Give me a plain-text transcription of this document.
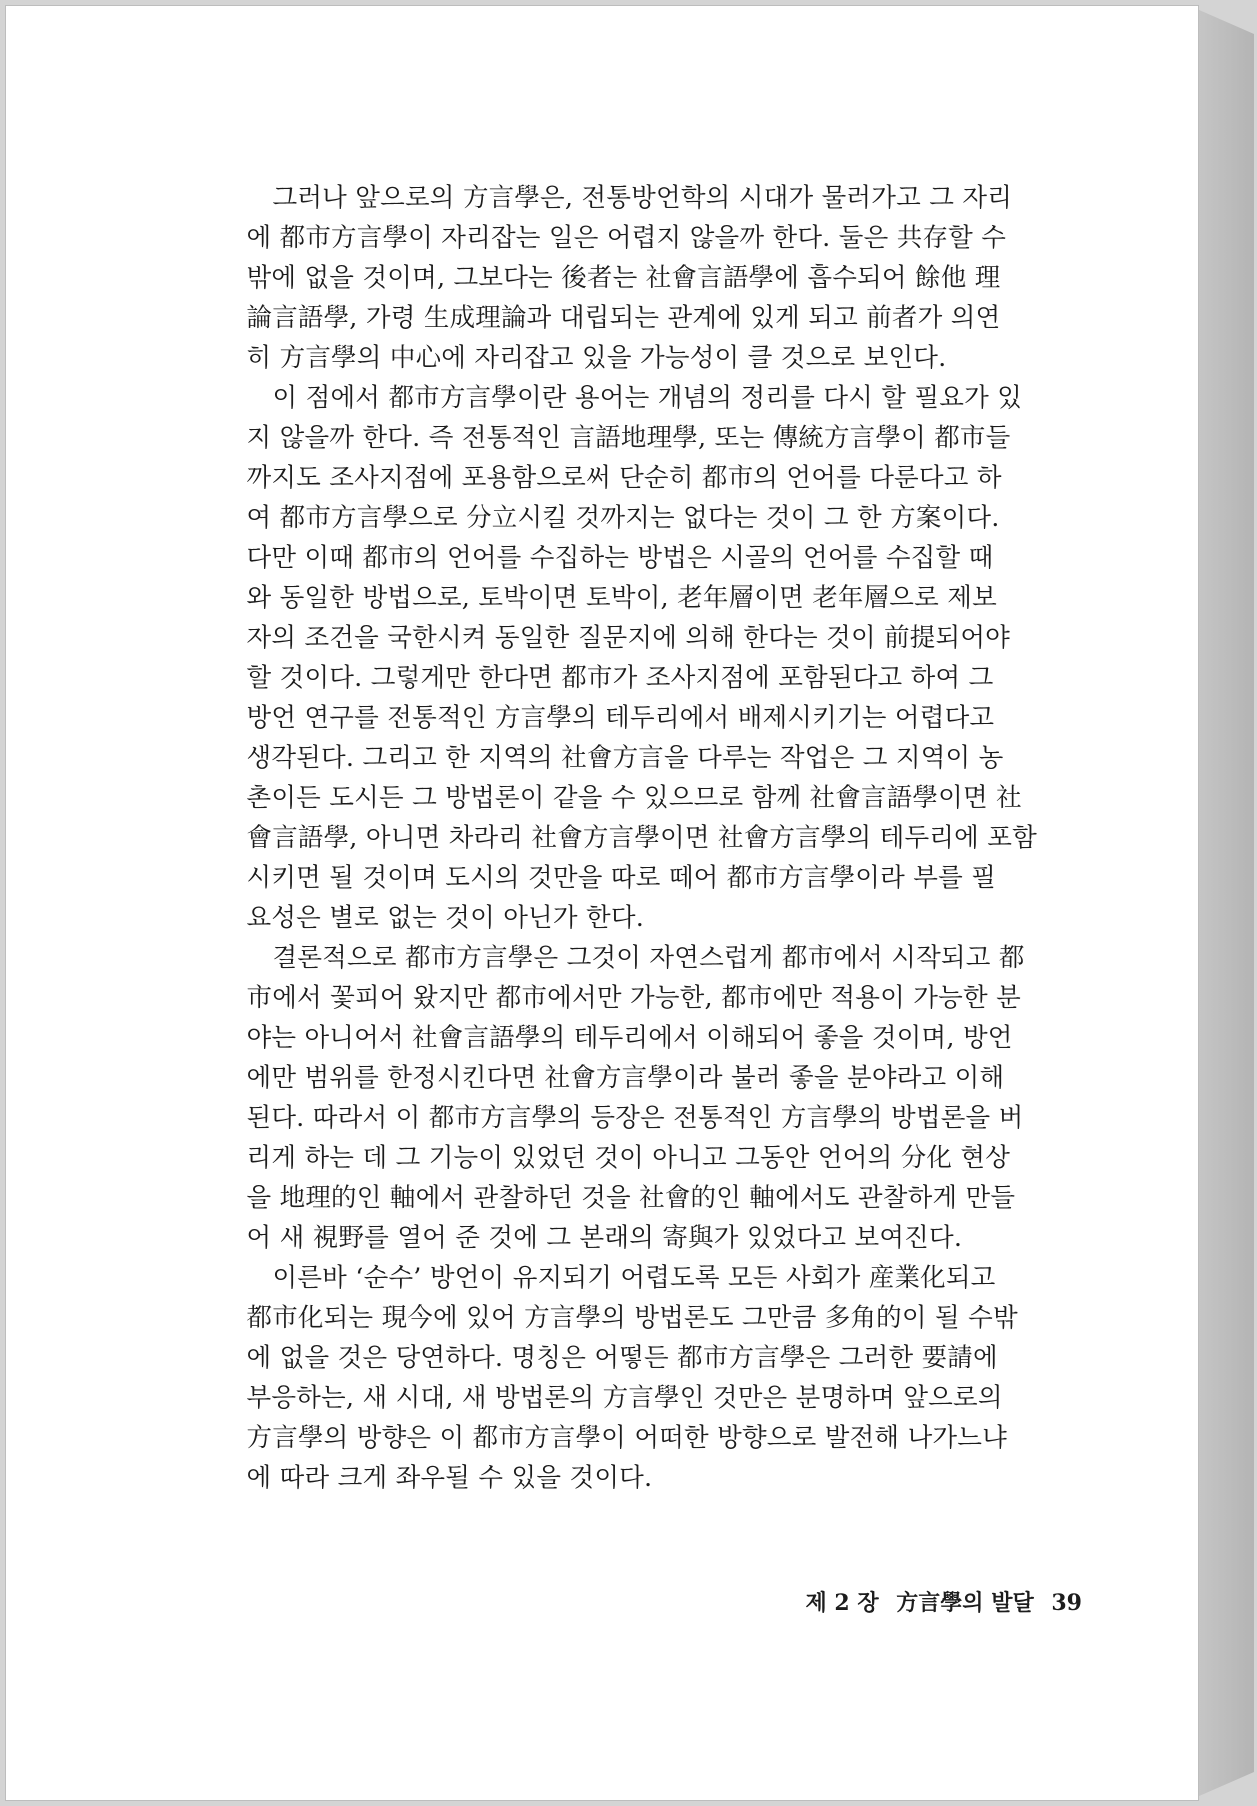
그러나 앞으로의 方言學은, 전통방언학의 시대가 물러가고 그 자리
에 都市方言學이 자리잡는 일은 어렵지 않을까 한다. 둘은 共存할 수
밖에 없을 것이며, 그보다는 後者는 社會言語學에 흡수되어 餘他 理
論言語學, 가령 生成理論과 대립되는 관계에 있게 되고 前者가 의연
히 方言學의 中心에 자리잡고 있을 가능성이 클 것으로 보인다.
이 점에서 都市方言學이란 용어는 개념의 정리를 다시 할 필요가 있
지 않을까 한다. 즉 전통적인 言語地理學, 또는 傳統方言學이 都市들
까지도 조사지점에 포용함으로써 단순히 都市의 언어를 다룬다고 하
여 都市方言學으로 分立시킬 것까지는 없다는 것이 그 한 方案이다.
다만 이때 都市의 언어를 수집하는 방법은 시골의 언어를 수집할 때
와 동일한 방법으로, 토박이면 토박이, 老年層이면 老年層으로 제보
자의 조건을 국한시켜 동일한 질문지에 의해 한다는 것이 前提되어야
할 것이다. 그렇게만 한다면 都市가 조사지점에 포함된다고 하여 그
방언 연구를 전통적인 方言學의 테두리에서 배제시키기는 어렵다고
생각된다. 그리고 한 지역의 社會方言을 다루는 작업은 그 지역이 농
촌이든 도시든 그 방법론이 같을 수 있으므로 함께 社會言語學이면 社
會言語學, 아니면 차라리 社會方言學이면 社會方言學의 테두리에 포함
시키면 될 것이며 도시의 것만을 따로 떼어 都市方言學이라 부를 필
요성은 별로 없는 것이 아닌가 한다.
결론적으로 都市方言學은 그것이 자연스럽게 都市에서 시작되고 都
市에서 꽃피어 왔지만 都市에서만 가능한, 都市에만 적용이 가능한 분
야는 아니어서 社會言語學의 테두리에서 이해되어 좋을 것이며, 방언
에만 범위를 한정시킨다면 社會方言學이라 불러 좋을 분야라고 이해
된다. 따라서 이 都市方言學의 등장은 전통적인 方言學의 방법론을 버
리게 하는 데 그 기능이 있었던 것이 아니고 그동안 언어의 分化 현상
을 地理的인 軸에서 관찰하던 것을 社會的인 軸에서도 관찰하게 만들
어 새 視野를 열어 준 것에 그 본래의 寄與가 있었다고 보여진다.
이른바 ‘순수’ 방언이 유지되기 어렵도록 모든 사회가 産業化되고
都市化되는 現今에 있어 方言學의 방법론도 그만큼 多角的이 될 수밖
에 없을 것은 당연하다. 명칭은 어떻든 都市方言學은 그러한 要請에
부응하는, 새 시대, 새 방법론의 方言學인 것만은 분명하며 앞으로의
方言學의 방향은 이 都市方言學이 어떠한 방향으로 발전해 나가느냐
에 따라 크게 좌우될 수 있을 것이다.
제 2 장 方言學의 발달 39
